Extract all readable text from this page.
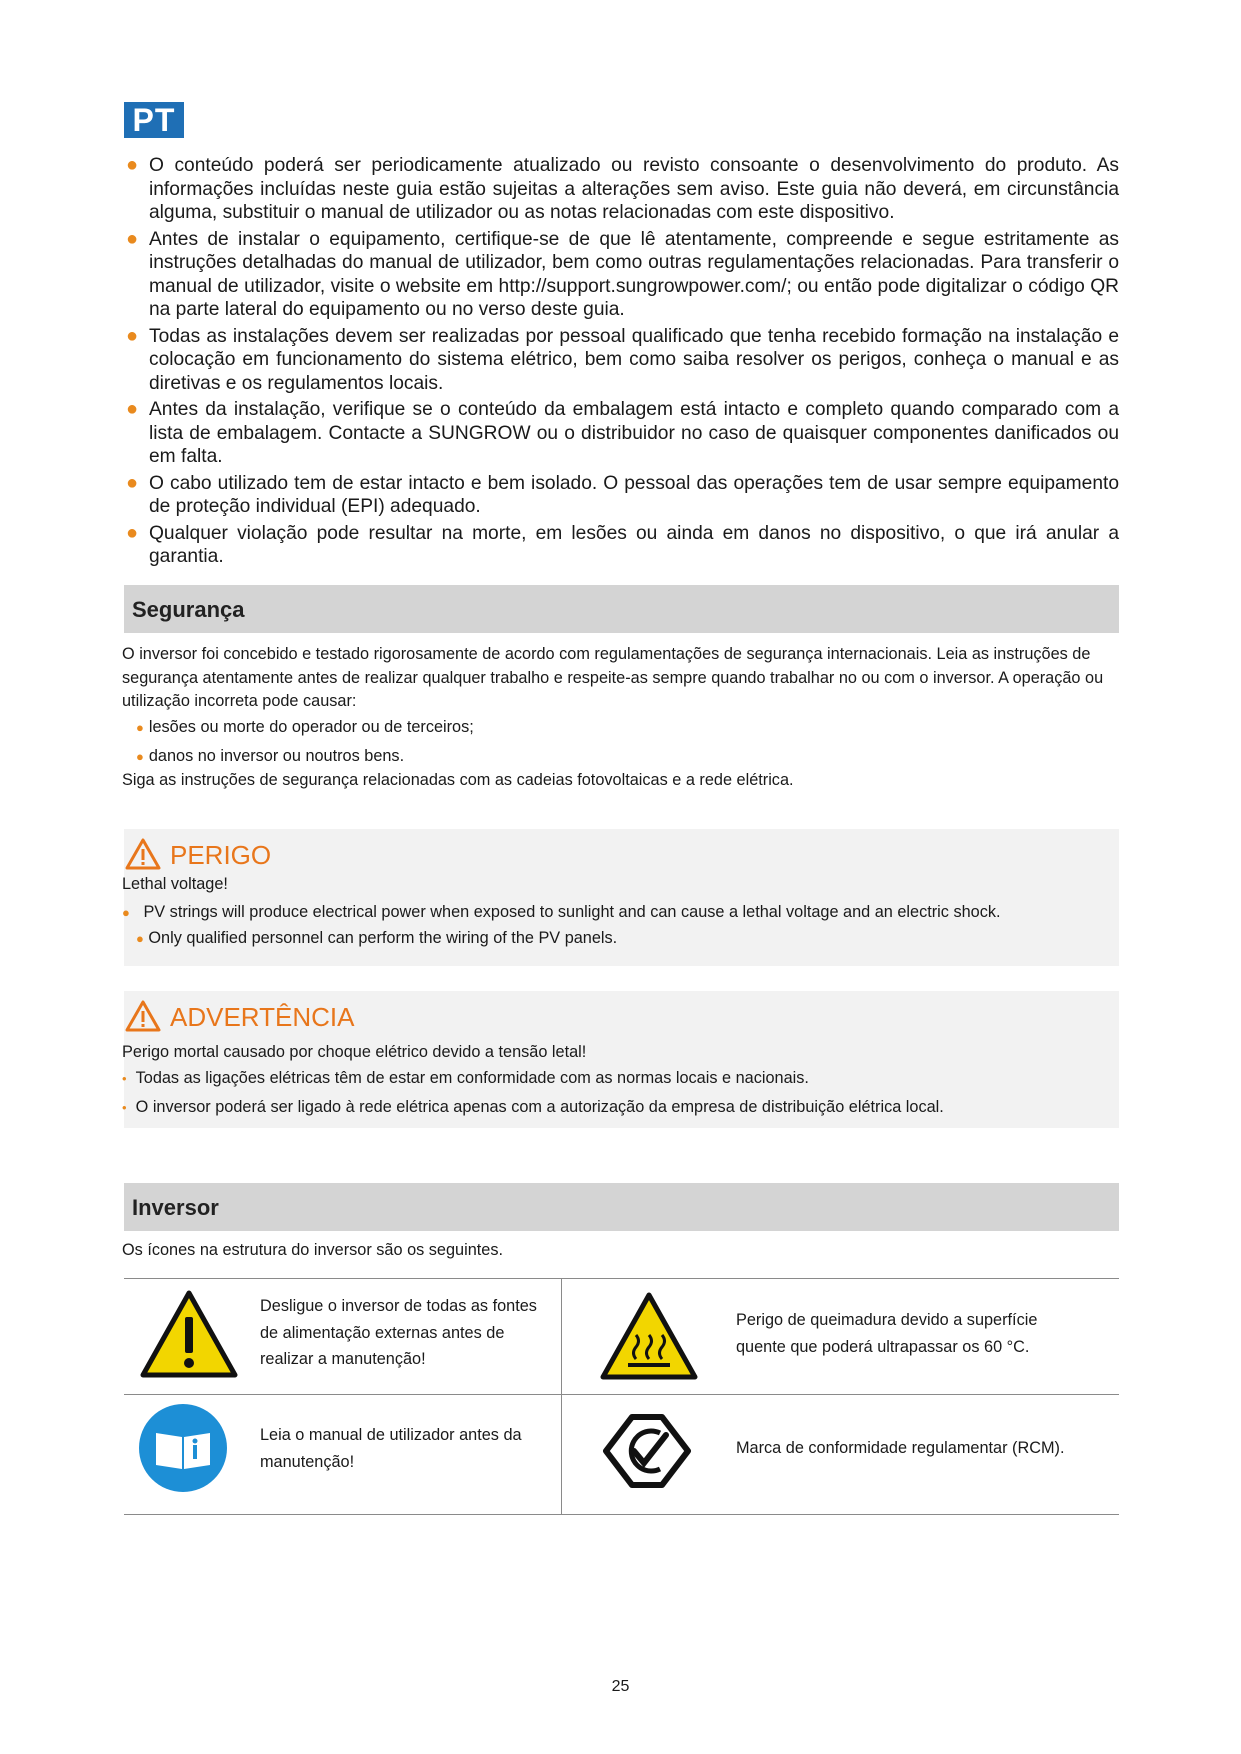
PT
● O conteúdo poderá ser periodicamente atualizado ou revisto consoante o desenvolvimento do produto. As informações incluídas neste guia estão sujeitas a alterações sem aviso. Este guia não deverá, em circunstância alguma, substituir o manual de utilizador ou as notas relacionadas com este dispositivo.
● Antes de instalar o equipamento, certifique-se de que lê atentamente, compreende e segue estritamente as instruções detalhadas do manual de utilizador, bem como outras regulamentações relacionadas. Para transferir o manual de utilizador, visite o website em http://support.sungrowpower.com/; ou então pode digitalizar o código QR na parte lateral do equipamento ou no verso deste guia.
● Todas as instalações devem ser realizadas por pessoal qualificado que tenha recebido formação na instalação e colocação em funcionamento do sistema elétrico, bem como saiba resolver os perigos, conheça o manual e as diretivas e os regulamentos locais.
● Antes da instalação, verifique se o conteúdo da embalagem está intacto e completo quando comparado com a lista de embalagem. Contacte a SUNGROW ou o distribuidor no caso de quaisquer componentes danificados ou em falta.
● O cabo utilizado tem de estar intacto e bem isolado. O pessoal das operações tem de usar sempre equipamento de proteção individual (EPI) adequado.
● Qualquer violação pode resultar na morte, em lesões ou ainda em danos no dispositivo, o que irá anular a garantia.
Segurança

O inversor foi concebido e testado rigorosamente de acordo com regulamentações de segurança internacionais. Leia as instruções de segurança atentamente antes de realizar qualquer trabalho e respeite-as sempre quando trabalhar no ou com o inversor. A operação ou utilização incorreta pode causar:

● lesões ou morte do operador ou de terceiros;
● danos no inversor ou noutros bens.

Siga as instruções de segurança relacionadas com as cadeias fotovoltaicas e a rede elétrica.

PERIGO
Lethal voltage!
● PV strings will produce electrical power when exposed to sunlight and can cause a lethal voltage and an electric shock.
● Only qualified personnel can perform the wiring of the PV panels.
ADVERTÊNCIA
Perigo mortal causado por choque elétrico devido a tensão letal!
• Todas as ligações elétricas têm de estar em conformidade com as normas locais e nacionais.
• O inversor poderá ser ligado à rede elétrica apenas com a autorização da empresa de distribuição elétrica local.
Inversor

Os ícones na estrutura do inversor são os seguintes.

Desligue o inversor de todas as fontes
de alimentação externas antes de
realizar a manutenção!
Perigo de queimadura devido a superfície
quente que poderá ultrapassar os 60 °C.
Leia o manual de utilizador antes da
manutenção!
Marca de conformidade regulamentar (RCM).
25
